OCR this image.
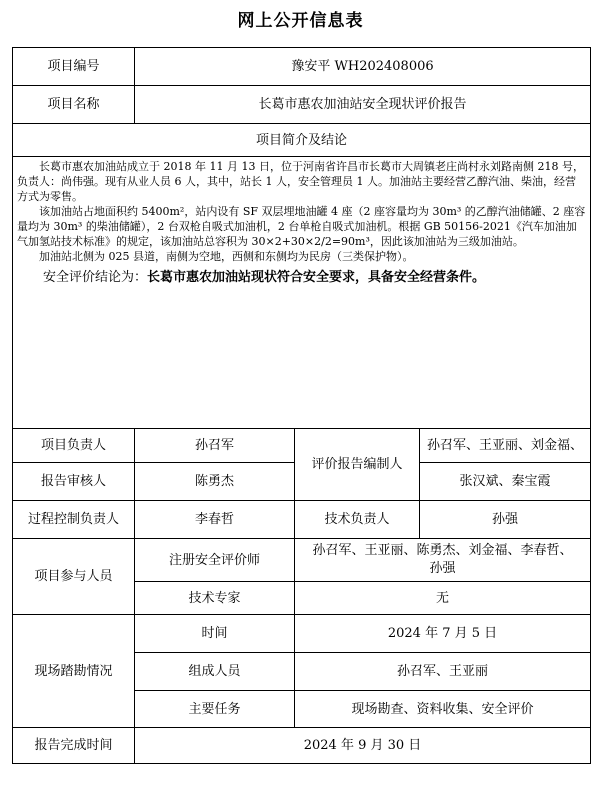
网上公开信息表
项目编号	豫安平 WH202408006		
项目名称	长葛市惠农加油站安全现状评价报告		
项目简介及结论			

长葛市惠农加油站成立于 2018 年 11 月 13 日，位于河南省许昌市长葛市大周镇老庄尚村永刘路南侧 218 号，负责人：尚伟强。现有从业人员 6 人，其中，站长 1 人，安全管理员 1 人。加油站主要经营乙醇汽油、柴油，经营方式为零售。

该加油站占地面积约 5400m²，站内设有 SF 双层埋地油罐 4 座（2 座容量均为 30m³ 的乙醇汽油储罐、2 座容量均为 30m³ 的柴油储罐），2 台双枪自吸式加油机，2 台单枪自吸式加油机。根据 GB 50156-2021《汽车加油加气加氢站技术标准》的规定，该加油站总容积为 30×2+30×2/2=90m³，因此该加油站为三级加油站。

加油站北侧为 025 县道，南侧为空地，西侧和东侧均为民房（三类保护物）。

安全评价结论为：长葛市惠农加油站现状符合安全要求，具备安全经营条件。			

项目负责人	孙召军	评价报告编制人	孙召军、王亚丽、刘金福、
报告审核人	陈勇杰		张汉斌、秦宝霞
过程控制负责人	李春哲	技术负责人	孙强
项目参与人员	注册安全评价师	孙召军、王亚丽、陈勇杰、刘金福、李春哲、
孙强	

	技术专家	无	
现场踏勘情况	时间	2024 年 7 月 5 日	
	组成人员	孙召军、王亚丽	
	主要任务	现场勘查、资料收集、安全评价	
报告完成时间	2024 年 9 月 30 日		
